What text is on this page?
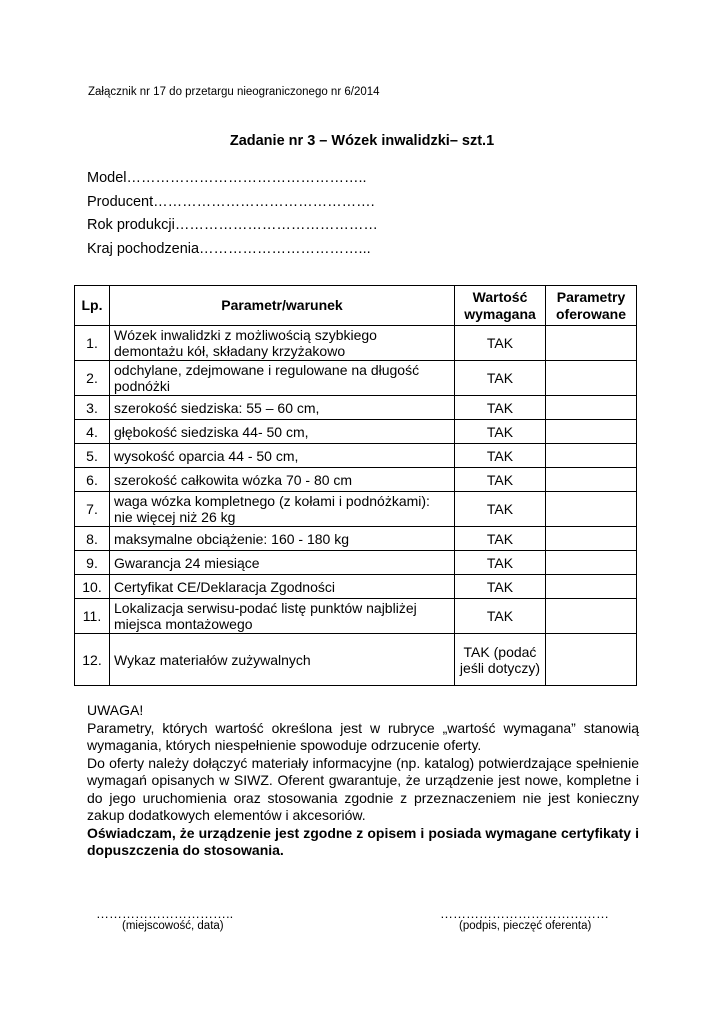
Załącznik nr 17 do przetargu nieograniczonego nr 6/2014
Zadanie nr 3 – Wózek inwalidzki– szt.1
Model…………………………………………..
Producent……………………………………….
Rok produkcji……………………………………
Kraj pochodzenia……………………………...
Lp.	Parametr/warunek	Wartość wymagana	Parametry oferowane
1.	Wózek inwalidzki z możliwością szybkiego demontażu kół, składany krzyżakowo	TAK	
2.	odchylane, zdejmowane i regulowane na długość podnóżki	TAK	
3.	szerokość siedziska: 55 – 60 cm,	TAK	
4.	głębokość siedziska 44- 50 cm,	TAK	
5.	wysokość oparcia 44 - 50 cm,	TAK	
6.	szerokość całkowita wózka 70 - 80 cm	TAK	
7.	waga wózka kompletnego (z kołami i podnóżkami): nie więcej niż 26 kg	TAK	
8.	maksymalne obciążenie: 160 - 180 kg	TAK	
9.	Gwarancja 24 miesiące	TAK	
10.	Certyfikat CE/Deklaracja Zgodności	TAK	
11.	Lokalizacja serwisu-podać listę punktów najbliżej miejsca montażowego	TAK	
12.	Wykaz materiałów zużywalnych	TAK (podać jeśli dotyczy)	

UWAGA!

Parametry, których wartość określona jest w rubryce „wartość wymagana” stanowią wymagania, których niespełnienie spowoduje odrzucenie oferty.

Do oferty należy dołączyć materiały informacyjne (np. katalog) potwierdzające spełnienie wymagań opisanych w SIWZ. Oferent gwarantuje, że urządzenie jest nowe, kompletne i do jego uruchomienia oraz stosowania zgodnie z przeznaczeniem nie jest konieczny zakup dodatkowych elementów i akcesoriów.

Oświadczam, że urządzenie jest zgodne z opisem i posiada wymagane certyfikaty i dopuszczenia do stosowania.

…………………………..
(miejscowość, data)
…………………………………
(podpis, pieczęć oferenta)
